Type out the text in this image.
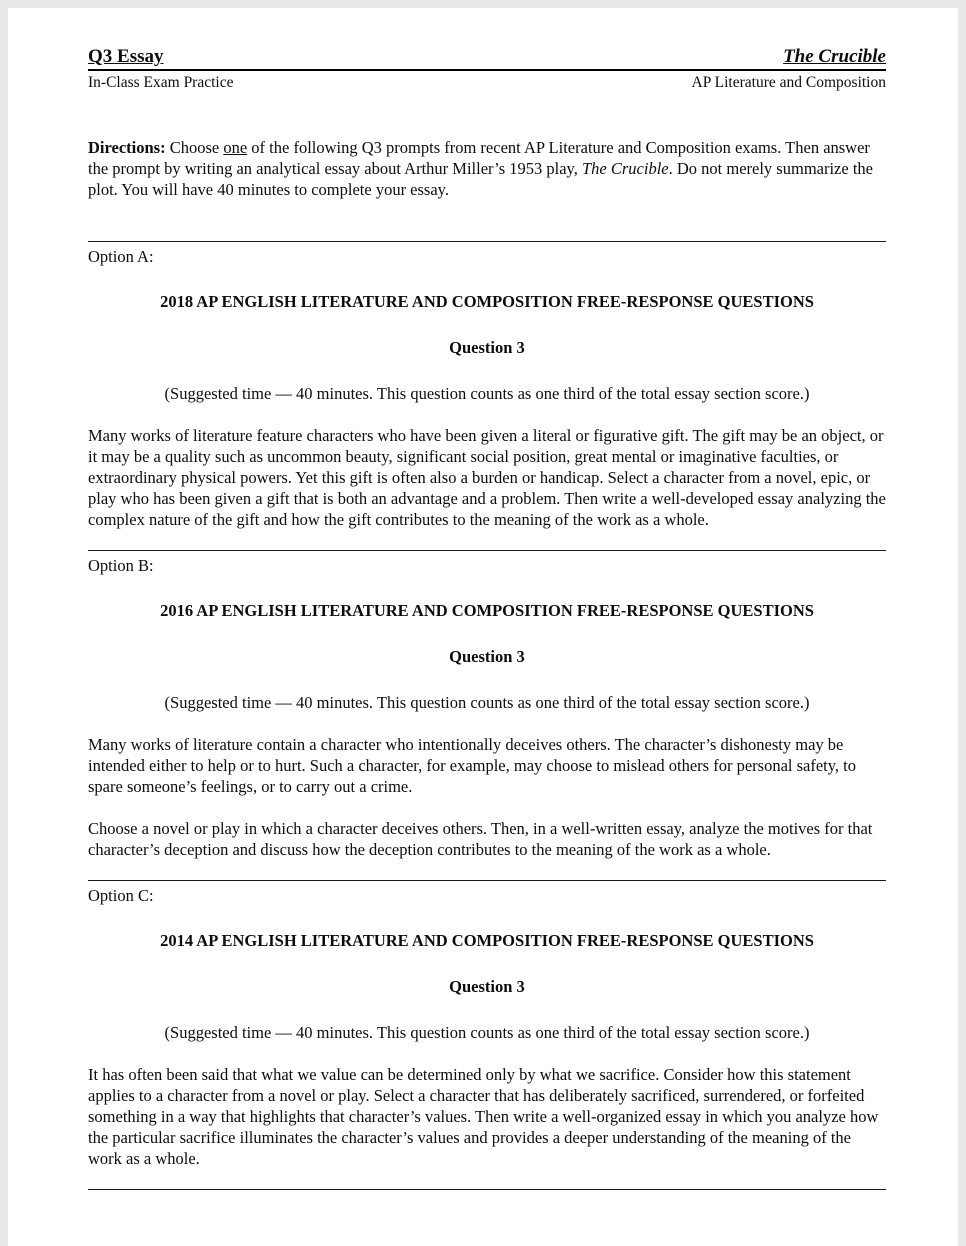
Q3 Essay	The Crucible
In-Class Exam Practice	AP Literature and Composition

Directions: Choose one of the following Q3 prompts from recent AP Literature and Composition exams. Then answer the prompt by writing an analytical essay about Arthur Miller’s 1953 play, The Crucible. Do not merely summarize the plot. You will have 40 minutes to complete your essay.

Option A:
2018 AP ENGLISH LITERATURE AND COMPOSITION FREE-RESPONSE QUESTIONS
Question 3
(Suggested time — 40 minutes. This question counts as one third of the total essay section score.)

Many works of literature feature characters who have been given a literal or figurative gift. The gift may be an object, or it may be a quality such as uncommon beauty, significant social position, great mental or imaginative faculties, or extraordinary physical powers. Yet this gift is often also a burden or handicap. Select a character from a novel, epic, or play who has been given a gift that is both an advantage and a problem. Then write a well-developed essay analyzing the complex nature of the gift and how the gift contributes to the meaning of the work as a whole.

Option B:
2016 AP ENGLISH LITERATURE AND COMPOSITION FREE-RESPONSE QUESTIONS
Question 3
(Suggested time — 40 minutes. This question counts as one third of the total essay section score.)

Many works of literature contain a character who intentionally deceives others. The character’s dishonesty may be intended either to help or to hurt. Such a character, for example, may choose to mislead others for personal safety, to spare someone’s feelings, or to carry out a crime.

Choose a novel or play in which a character deceives others. Then, in a well-written essay, analyze the motives for that character’s deception and discuss how the deception contributes to the meaning of the work as a whole.

Option C:
2014 AP ENGLISH LITERATURE AND COMPOSITION FREE-RESPONSE QUESTIONS
Question 3
(Suggested time — 40 minutes. This question counts as one third of the total essay section score.)

It has often been said that what we value can be determined only by what we sacrifice. Consider how this statement applies to a character from a novel or play. Select a character that has deliberately sacrificed, surrendered, or forfeited something in a way that highlights that character’s values. Then write a well-organized essay in which you analyze how the particular sacrifice illuminates the character’s values and provides a deeper understanding of the meaning of the work as a whole.
